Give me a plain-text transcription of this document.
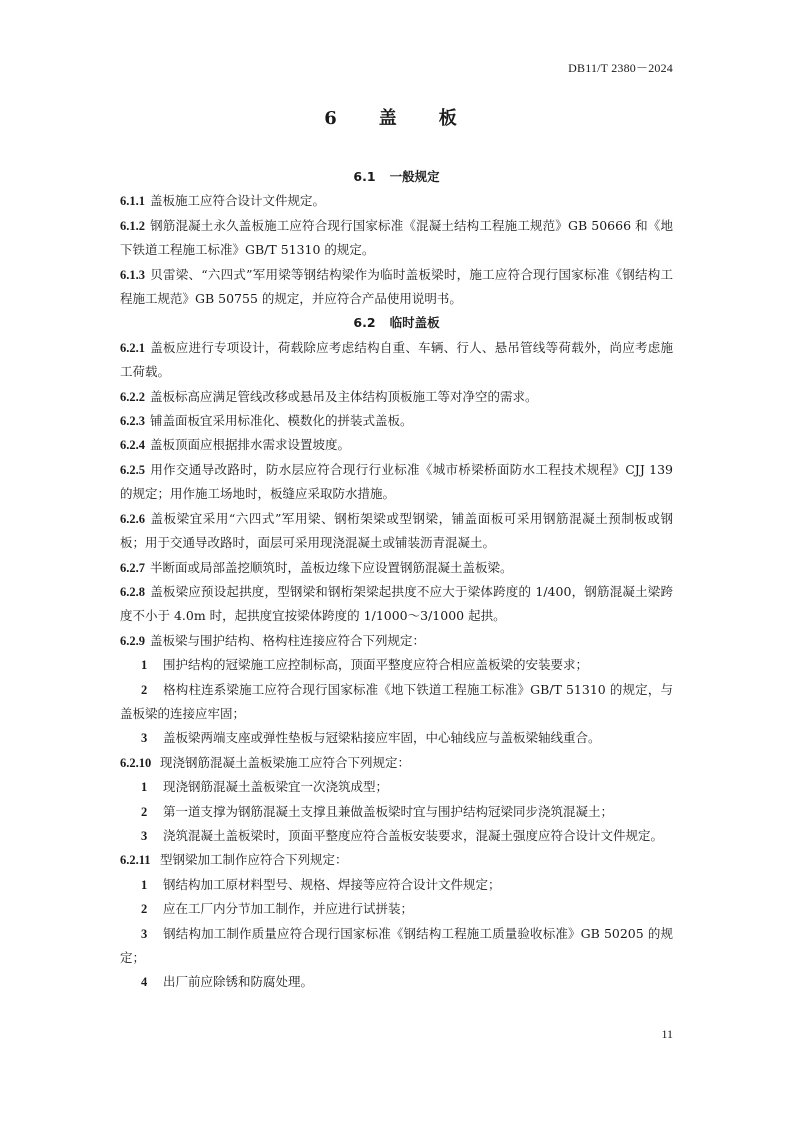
DB11/T 2380－2024
6　盖　板
6.1 一般规定
6.1.1 盖板施工应符合设计文件规定。
6.1.2 钢筋混凝土永久盖板施工应符合现行国家标准《混凝土结构工程施工规范》GB 50666 和《地下铁道工程施工标准》GB/T 51310 的规定。
6.1.3 贝雷梁、“六四式”军用梁等钢结构梁作为临时盖板梁时，施工应符合现行国家标准《钢结构工程施工规范》GB 50755 的规定，并应符合产品使用说明书。
6.2 临时盖板
6.2.1 盖板应进行专项设计，荷载除应考虑结构自重、车辆、行人、悬吊管线等荷载外，尚应考虑施工荷载。
6.2.2 盖板标高应满足管线改移或悬吊及主体结构顶板施工等对净空的需求。
6.2.3 铺盖面板宜采用标准化、模数化的拼装式盖板。
6.2.4 盖板顶面应根据排水需求设置坡度。
6.2.5 用作交通导改路时，防水层应符合现行行业标准《城市桥梁桥面防水工程技术规程》CJJ 139 的规定；用作施工场地时，板缝应采取防水措施。
6.2.6 盖板梁宜采用“六四式”军用梁、钢桁架梁或型钢梁，铺盖面板可采用钢筋混凝土预制板或钢板；用于交通导改路时，面层可采用现浇混凝土或铺装沥青混凝土。
6.2.7 半断面或局部盖挖顺筑时，盖板边缘下应设置钢筋混凝土盖板梁。
6.2.8 盖板梁应预设起拱度，型钢梁和钢桁架梁起拱度不应大于梁体跨度的 1/400，钢筋混凝土梁跨度不小于 4.0m 时，起拱度宜按梁体跨度的 1/1000～3/1000 起拱。
6.2.9 盖板梁与围护结构、格构柱连接应符合下列规定：
1 围护结构的冠梁施工应控制标高，顶面平整度应符合相应盖板梁的安装要求；
2 格构柱连系梁施工应符合现行国家标准《地下铁道工程施工标准》GB/T 51310 的规定，与盖板梁的连接应牢固；
3 盖板梁两端支座或弹性垫板与冠梁粘接应牢固，中心轴线应与盖板梁轴线重合。
6.2.10 现浇钢筋混凝土盖板梁施工应符合下列规定：
1 现浇钢筋混凝土盖板梁宜一次浇筑成型；
2 第一道支撑为钢筋混凝土支撑且兼做盖板梁时宜与围护结构冠梁同步浇筑混凝土；
3 浇筑混凝土盖板梁时，顶面平整度应符合盖板安装要求，混凝土强度应符合设计文件规定。
6.2.11 型钢梁加工制作应符合下列规定：
1 钢结构加工原材料型号、规格、焊接等应符合设计文件规定；
2 应在工厂内分节加工制作，并应进行试拼装；
3 钢结构加工制作质量应符合现行国家标准《钢结构工程施工质量验收标准》GB 50205 的规定；
4 出厂前应除锈和防腐处理。
11
